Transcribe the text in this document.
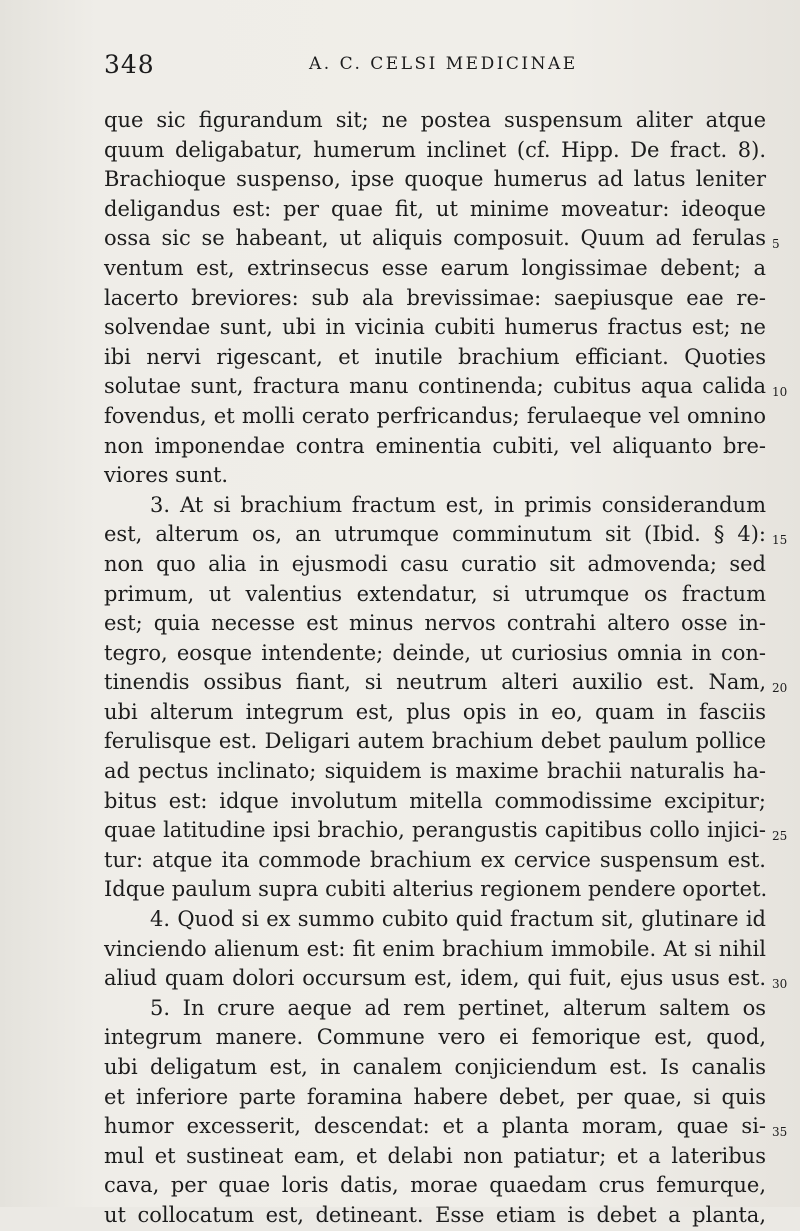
348	A. C. CELSI MEDICINAE
que sic figurandum sit; ne postea suspensum aliter atque
quum deligabatur, humerum inclinet (cf. Hipp. De fract. 8).
Brachioque suspenso, ipse quoque humerus ad latus leniter
deligandus est: per quae fit, ut minime moveatur: ideoque
ossa sic se habeant, ut aliquis composuit. Quum ad ferulas 5
ventum est, extrinsecus esse earum longissimae debent; a
lacerto breviores: sub ala brevissimae: saepiusque eae re-
solvendae sunt, ubi in vicinia cubiti humerus fractus est; ne
ibi nervi rigescant, et inutile brachium efficiant. Quoties
solutae sunt, fractura manu continenda; cubitus aqua calida 10
fovendus, et molli cerato perfricandus; ferulaeque vel omnino
non imponendae contra eminentia cubiti, vel aliquanto bre-
viores sunt.
3. At si brachium fractum est, in primis considerandum
est, alterum os, an utrumque comminutum sit (Ibid. § 4): 15
non quo alia in ejusmodi casu curatio sit admovenda; sed
primum, ut valentius extendatur, si utrumque os fractum
est; quia necesse est minus nervos contrahi altero osse in-
tegro, eosque intendente; deinde, ut curiosius omnia in con-
tinendis ossibus fiant, si neutrum alteri auxilio est. Nam, 20
ubi alterum integrum est, plus opis in eo, quam in fasciis
ferulisque est. Deligari autem brachium debet paulum pollice
ad pectus inclinato; siquidem is maxime brachii naturalis ha-
bitus est: idque involutum mitella commodissime excipitur;
quae latitudine ipsi brachio, perangustis capitibus collo injici- 25
tur: atque ita commode brachium ex cervice suspensum est.
Idque paulum supra cubiti alterius regionem pendere oportet.
4. Quod si ex summo cubito quid fractum sit, glutinare id
vinciendo alienum est: fit enim brachium immobile. At si nihil
aliud quam dolori occursum est, idem, qui fuit, ejus usus est. 30
5. In crure aeque ad rem pertinet, alterum saltem os
integrum manere. Commune vero ei femorique est, quod,
ubi deligatum est, in canalem conjiciendum est. Is canalis
et inferiore parte foramina habere debet, per quae, si quis
humor excesserit, descendat: et a planta moram, quae si- 35
mul et sustineat eam, et delabi non patiatur; et a lateribus
cava, per quae loris datis, morae quaedam crus femurque,
ut collocatum est, detineant. Esse etiam is debet a planta,
